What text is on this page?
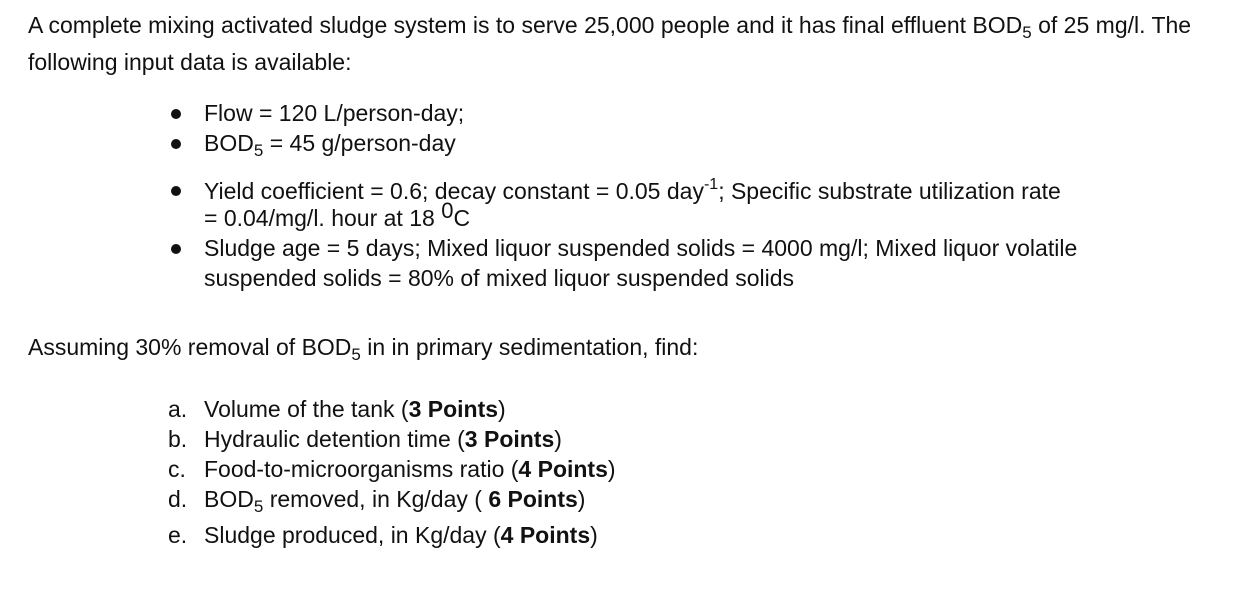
A complete mixing activated sludge system is to serve 25,000 people and it has final effluent $BOD_5$ of 25 mg/l. The following input data is available:

Flow = 120 L/person-day;
$BOD_5 = 45$ g/person-day
Yield coefficient = 0.6; decay constant = 0.05 day$^{-1}$; Specific substrate utilization rate
= 0.04/mg/l. hour at 18 0C
Sludge age = 5 days; Mixed liquor suspended solids = 4000 mg/l; Mixed liquor volatile
suspended solids = 80% of mixed liquor suspended solids

Assuming 30% removal of $BOD_5$ in in primary sedimentation, find:

a. Volume of the tank (3 Points)
b. Hydraulic detention time (3 Points)
c. Food-to-microorganisms ratio (4 Points)
d. $BOD_5$ removed, in Kg/day ( 6 Points)
e. Sludge produced, in Kg/day (4 Points)
